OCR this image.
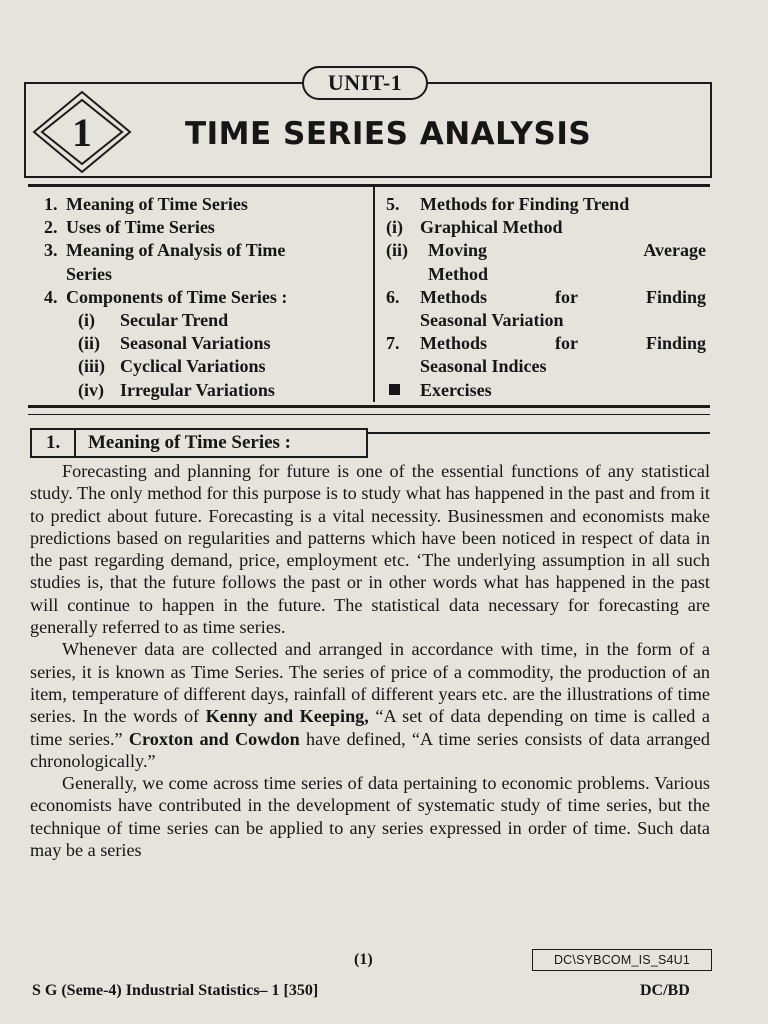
1
UNIT-1
TIME SERIES ANALYSIS
1. Meaning of Time Series
2. Uses of Time Series
3. Meaning of Analysis of Time
Series
4. Components of Time Series :
(i)	Secular Trend
(ii)	Seasonal Variations
(iii) Cyclical Variations
(iv) Irregular Variations
5.	Methods for Finding Trend
(i) Graphical Method
(ii)	Moving	Average
Method
6.	Methods	for	Finding
Seasonal Variation
7.	Methods	for	Finding
Seasonal Indices
Exercises
1. Meaning of Time Series :

Forecasting and planning for future is one of the essential functions of any statistical study. The only method for this purpose is to study what has happened in the past and from it to predict about future. Forecasting is a vital necessity. Businessmen and economists make predictions based on regularities and patterns which have been noticed in respect of data in the past regarding demand, price, employment etc. ‘The underlying assumption in all such studies is, that the future follows the past or in other words what has happened in the past will continue to happen in the future. The statistical data necessary for forecasting are generally referred to as time series.

Whenever data are collected and arranged in accordance with time, in the form of a series, it is known as Time Series. The series of price of a commodity, the production of an item, temperature of different days, rainfall of different years etc. are the illustrations of time series. In the words of Kenny and Keeping, “A set of data depending on time is called a time series.” Croxton and Cowdon have defined, “A time series consists of data arranged chronologically.”

Generally, we come across time series of data pertaining to economic problems. Various economists have contributed in the development of systematic study of time series, but the technique of time series can be applied to any series expressed in order of time. Such data may be a series

(1)	DC\SYBCOM_IS_S4U1
S G (Seme-4) Industrial Statistics– 1 [350]	DC/BD
